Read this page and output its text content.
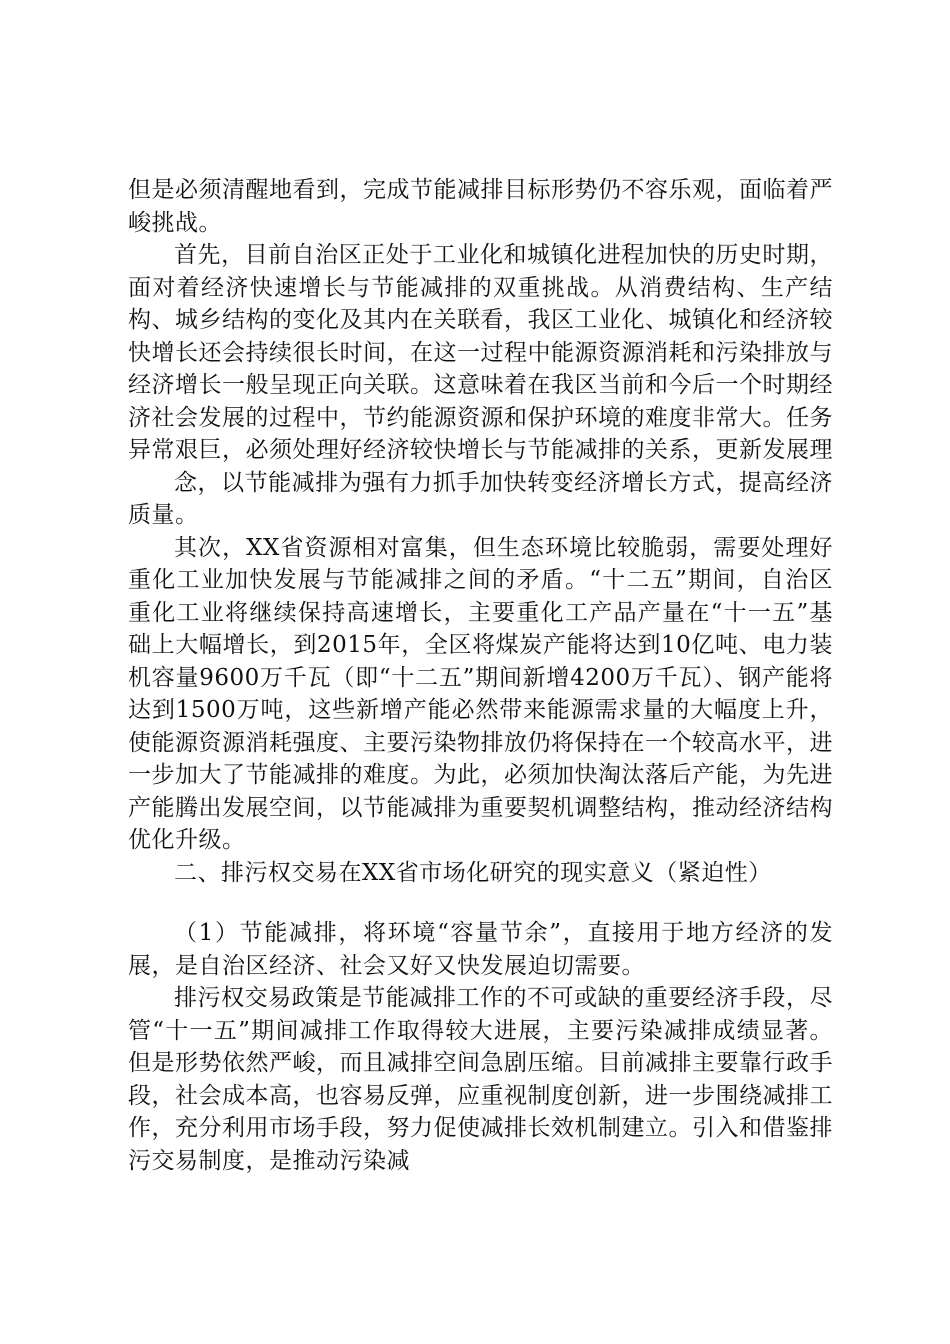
但是必须清醒地看到，完成节能减排目标形势仍不容乐观，面临着严峻挑战。

首先，目前自治区正处于工业化和城镇化进程加快的历史时期，面对着经济快速增长与节能减排的双重挑战。从消费结构、生产结构、城乡结构的变化及其内在关联看，我区工业化、城镇化和经济较快增长还会持续很长时间，在这一过程中能源资源消耗和污染排放与经济增长一般呈现正向关联。这意味着在我区当前和今后一个时期经济社会发展的过程中，节约能源资源和保护环境的难度非常大。任务异常艰巨，必须处理好经济较快增长与节能减排的关系，更新发展理

念，以节能减排为强有力抓手加快转变经济增长方式，提高经济质量。

其次，XX省资源相对富集，但生态环境比较脆弱，需要处理好重化工业加快发展与节能减排之间的矛盾。“十二五”期间，自治区重化工业将继续保持高速增长，主要重化工产品产量在“十一五”基础上大幅增长，到2015年，全区将煤炭产能将达到10亿吨、电力装机容量9600万千瓦（即“十二五”期间新增4200万千瓦）、钢产能将达到1500万吨，这些新增产能必然带来能源需求量的大幅度上升，使能源资源消耗强度、主要污染物排放仍将保持在一个较高水平，进一步加大了节能减排的难度。为此，必须加快淘汰落后产能，为先进产能腾出发展空间，以节能减排为重要契机调整结构，推动经济结构优化升级。

二、排污权交易在XX省市场化研究的现实意义（紧迫性）

（1）节能减排，将环境“容量节余”，直接用于地方经济的发展，是自治区经济、社会又好又快发展迫切需要。

排污权交易政策是节能减排工作的不可或缺的重要经济手段，尽管“十一五”期间减排工作取得较大进展，主要污染减排成绩显著。但是形势依然严峻，而且减排空间急剧压缩。目前减排主要靠行政手段，社会成本高，也容易反弹，应重视制度创新，进一步围绕减排工作，充分利用市场手段，努力促使减排长效机制建立。引入和借鉴排污交易制度，是推动污染减
